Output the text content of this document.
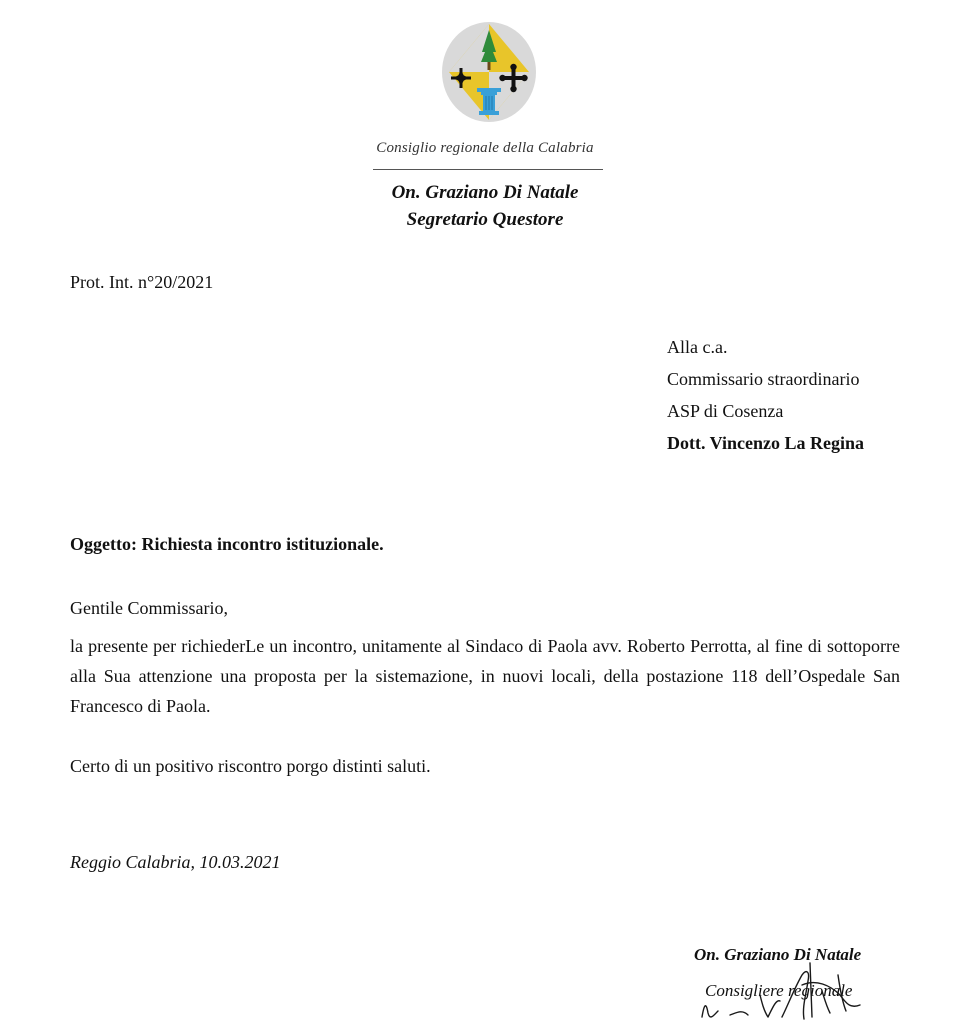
Consiglio regionale della Calabria
On. Graziano Di Natale
Segretario Questore
Prot. Int. n°20/2021
Alla c.a.
Commissario straordinario
ASP di Cosenza
Dott. Vincenzo La Regina
Oggetto: Richiesta incontro istituzionale.
Gentile Commissario,
la presente per richiederLe un incontro, unitamente al Sindaco di Paola avv. Roberto Perrotta, al fine di sottoporre alla Sua attenzione una proposta per la sistemazione, in nuovi locali, della postazione 118 dell’Ospedale San Francesco di Paola.
Certo di un positivo riscontro porgo distinti saluti.
Reggio Calabria, 10.03.2021
On. Graziano Di Natale
Consigliere regionale
